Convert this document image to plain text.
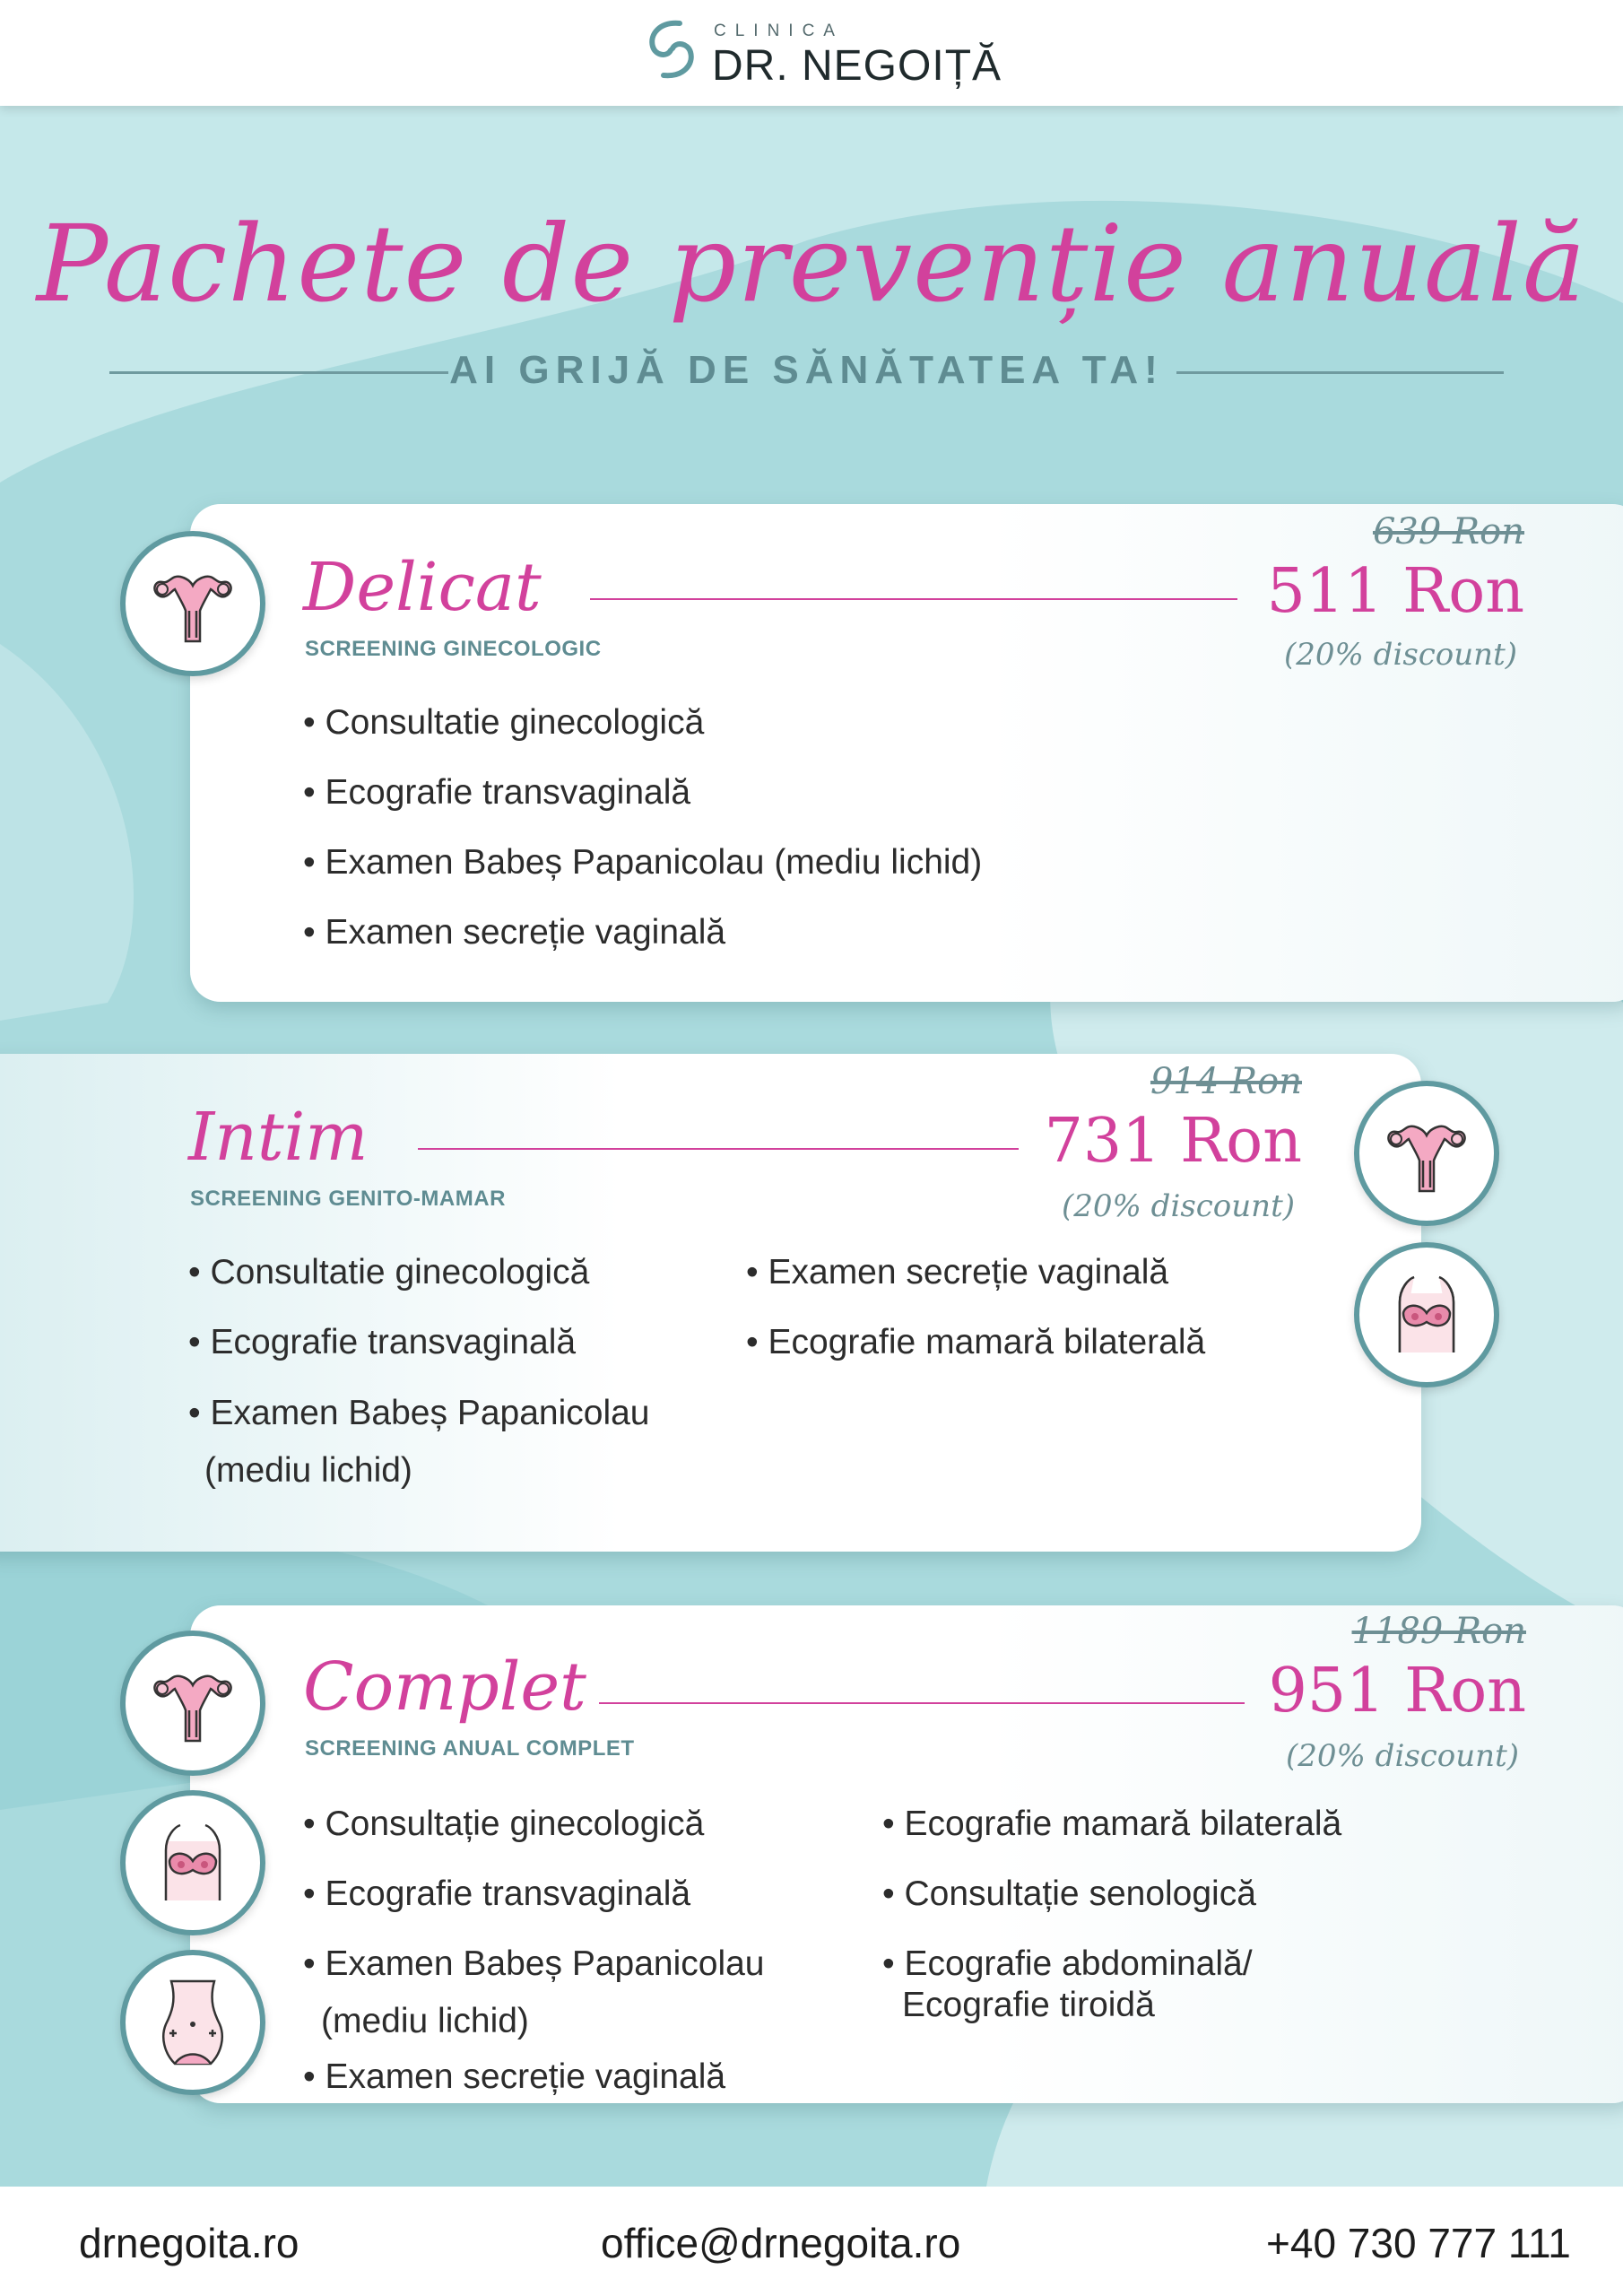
CLINICA
DR. NEGOIȚĂ
Pachete de prevenție anuală
AI GRIJĂ DE SĂNĂTATEA TA!
Delicat
SCREENING GINECOLOGIC
639 Ron
511 Ron
(20% discount)
• Consultatie ginecologică
• Ecografie transvaginală
• Examen Babeș Papanicolau (mediu lichid)
• Examen secreție vaginală
Intim
SCREENING GENITO-MAMAR
914 Ron
731 Ron
(20% discount)
• Consultatie ginecologică
• Ecografie transvaginală
• Examen Babeș Papanicolau
(mediu lichid)
• Examen secreție vaginală
• Ecografie mamară bilaterală
Complet
SCREENING ANUAL COMPLET
1189 Ron
951 Ron
(20% discount)
• Consultație ginecologică
• Ecografie transvaginală
• Examen Babeș Papanicolau
(mediu lichid)
• Examen secreție vaginală
• Ecografie mamară bilaterală
• Consultație senologică
• Ecografie abdominală/
Ecografie tiroidă
drnegoita.ro	office@drnegoita.ro	+40 730 777 111
